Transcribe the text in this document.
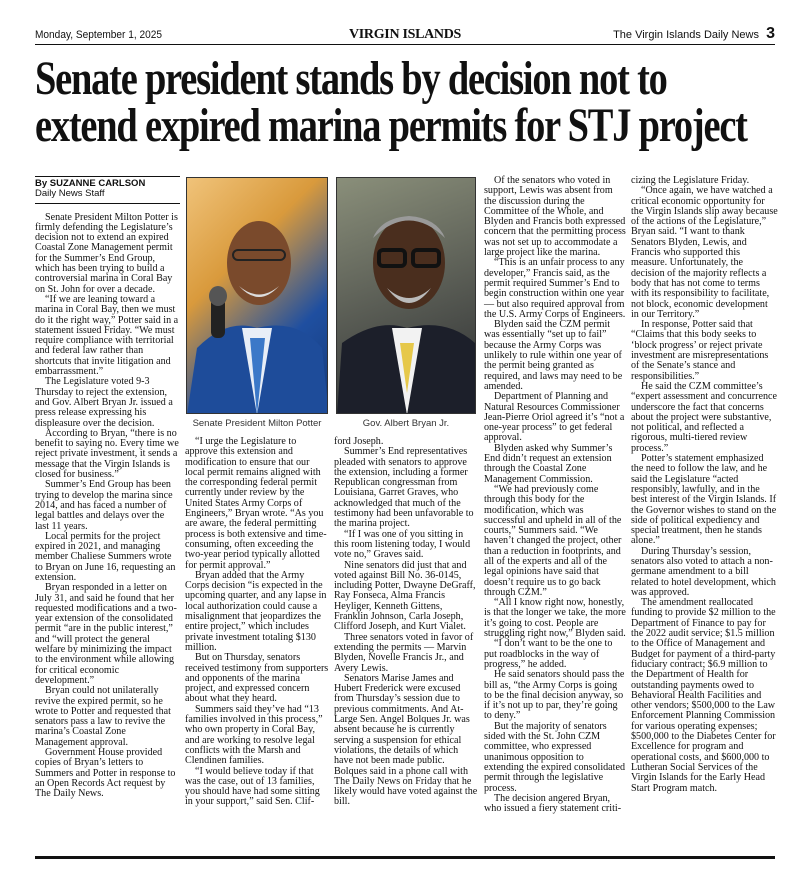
Monday, September 1, 2025	VIRGIN ISLANDS	The Virgin Islands Daily News 3
Senate president stands by decision not to
extend expired marina permits for STJ project
By SUZANNE CARLSON
Daily News Staff

Senate President Milton Potter is firmly defending the Legislature’s decision not to extend an expired Coastal Zone Management permit for the Summer’s End Group, which has been trying to build a controversial marina in Coral Bay on St. John for over a decade.

“If we are leaning toward a marina in Coral Bay, then we must do it the right way,” Potter said in a statement issued Friday. “We must require compliance with territorial and federal law rather than shortcuts that invite litigation and embarrassment.”

The Legislature voted 9-3 Thursday to reject the extension, and Gov. Albert Bryan Jr. issued a press release expressing his displeasure over the decision.

According to Bryan, “there is no benefit to saying no. Every time we reject private investment, it sends a message that the Virgin Islands is closed for business.”

Summer’s End Group has been trying to develop the marina since 2014, and has faced a number of legal battles and delays over the last 11 years.

Local permits for the project expired in 2021, and managing member Chaliese Summers wrote to Bryan on June 16, requesting an extension.

Bryan responded in a letter on July 31, and said he found that her requested modifications and a two-year extension of the consolidated permit “are in the public interest,” and “will protect the general welfare by minimizing the impact to the environment while allowing for critical economic development.”

Bryan could not unilaterally revive the expired permit, so he wrote to Potter and requested that senators pass a law to revive the marina’s Coastal Zone Management approval.

Government House provided copies of Bryan’s letters to Summers and Potter in response to an Open Records Act request by The Daily News.

Senate President Milton Potter	Gov. Albert Bryan Jr.

“I urge the Legislature to approve this extension and modification to ensure that our local permit remains aligned with the corresponding federal permit currently under review by the United States Army Corps of Engineers,” Bryan wrote. “As you are aware, the federal permitting process is both extensive and time-consuming, often exceeding the two-year period typically allotted for permit approval.”

Bryan added that the Army Corps decision “is expected in the upcoming quarter, and any lapse in local authorization could cause a misalignment that jeopardizes the entire project,” which includes private investment totaling $130 million.

But on Thursday, senators received testimony from supporters and opponents of the marina project, and expressed concern about what they heard.

Summers said they’ve had “13 families involved in this process,” who own property in Coral Bay, and are working to resolve legal conflicts with the Marsh and Clendinen families.

“I would believe today if that was the case, out of 13 families, you should have had some sitting in your support,” said Sen. Clif-

ford Joseph.

Summer’s End representatives pleaded with senators to approve the extension, including a former Republican congressman from Louisiana, Garret Graves, who acknowledged that much of the testimony had been unfavorable to the marina project.

“If I was one of you sitting in this room listening today, I would vote no,” Graves said.

Nine senators did just that and voted against Bill No. 36-0145, including Potter, Dwayne DeGraff, Ray Fonseca, Alma Francis Heyliger, Kenneth Gittens, Franklin Johnson, Carla Joseph, Clifford Joseph, and Kurt Vialet.

Three senators voted in favor of extending the permits — Marvin Blyden, Novelle Francis Jr., and Avery Lewis.

Senators Marise James and Hubert Frederick were excused from Thursday’s session due to previous commitments. And At-Large Sen. Angel Bolques Jr. was absent because he is currently serving a suspension for ethical violations, the details of which have not been made public. Bolques said in a phone call with The Daily News on Friday that he likely would have voted against the bill.

Of the senators who voted in support, Lewis was absent from the discussion during the Committee of the Whole, and Blyden and Francis both expressed concern that the permitting process was not set up to accommodate a large project like the marina.

“This is an unfair process to any developer,” Francis said, as the permit required Summer’s End to begin construction within one year — but also required approval from the U.S. Army Corps of Engineers.

Blyden said the CZM permit was essentially “set up to fail” because the Army Corps was unlikely to rule within one year of the permit being granted as required, and laws may need to be amended.

Department of Planning and Natural Resources Commissioner Jean-Pierre Oriol agreed it’s “not a one-year process” to get federal approval.

Blyden asked why Summer’s End didn’t request an extension through the Coastal Zone Management Commission.

“We had previously come through this body for the modification, which was successful and upheld in all of the courts,” Summers said. “We haven’t changed the project, other than a reduction in footprints, and all of the experts and all of the legal opinions have said that doesn’t require us to go back through CZM.”

“All I know right now, honestly, is that the longer we take, the more it’s going to cost. People are struggling right now,” Blyden said.

“I don’t want to be the one to put roadblocks in the way of progress,” he added.

He said senators should pass the bill as, “the Army Corps is going to be the final decision anyway, so if it’s not up to par, they’re going to deny.”

But the majority of senators sided with the St. John CZM committee, who expressed unanimous opposition to extending the expired consolidated permit through the legislative process.

The decision angered Bryan, who issued a fiery statement criti-

cizing the Legislature Friday.

“Once again, we have watched a critical economic opportunity for the Virgin Islands slip away because of the actions of the Legislature,” Bryan said. “I want to thank Senators Blyden, Lewis, and Francis who supported this measure. Unfortunately, the decision of the majority reflects a body that has not come to terms with its responsibility to facilitate, not block, economic development in our Territory.”

In response, Potter said that “Claims that this body seeks to ‘block progress’ or reject private investment are misrepresentations of the Senate’s stance and responsibilities.”

He said the CZM committee’s “expert assessment and concurrence underscore the fact that concerns about the project were substantive, not political, and reflected a rigorous, multi-tiered review process.”

Potter’s statement emphasized the need to follow the law, and he said the Legislature “acted responsibly, lawfully, and in the best interest of the Virgin Islands. If the Governor wishes to stand on the side of political expediency and special treatment, then he stands alone.”

During Thursday’s session, senators also voted to attach a non-germane amendment to a bill related to hotel development, which was approved.

The amendment reallocated funding to provide $2 million to the Department of Finance to pay for the 2022 audit service; $1.5 million to the Office of Management and Budget for payment of a third-party fiduciary contract; $6.9 million to the Department of Health for outstanding payments owed to Behavioral Health Facilities and other vendors; $500,000 to the Law Enforcement Planning Commission for various operating expenses; $500,000 to the Diabetes Center for Excellence for program and operational costs, and $600,000 to Lutheran Social Services of the Virgin Islands for the Early Head Start Program match.
